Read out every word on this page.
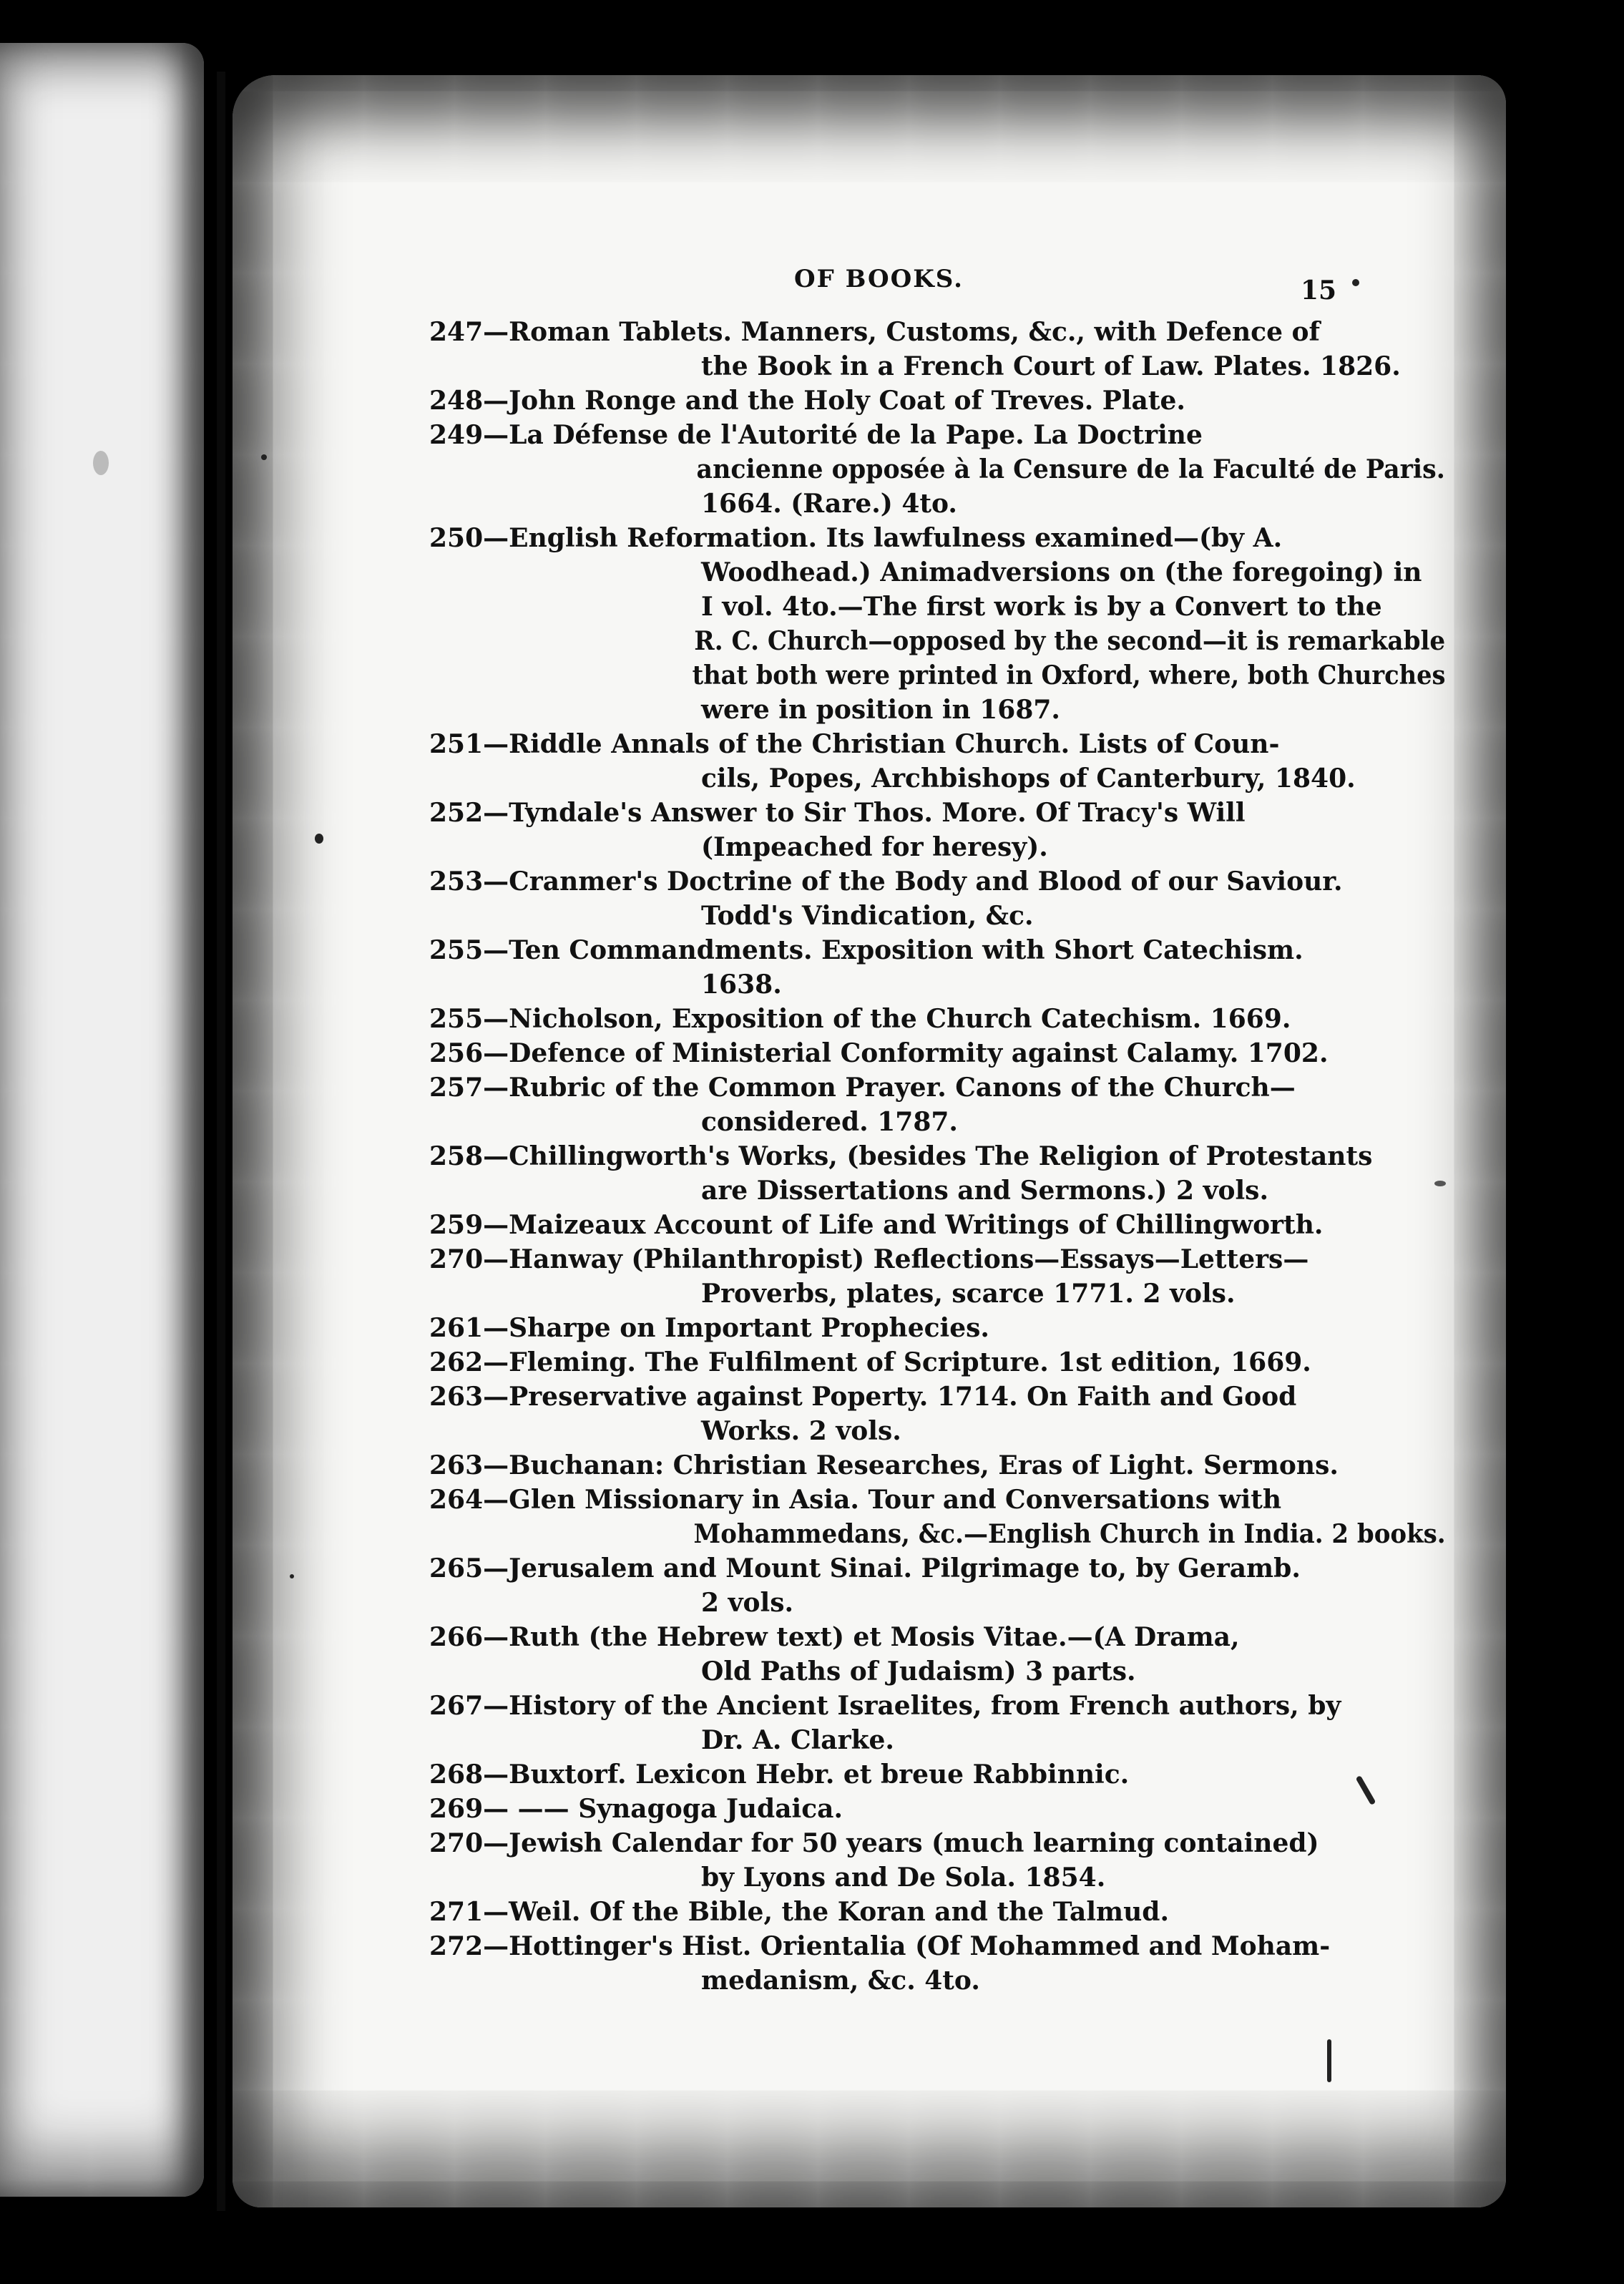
OF BOOKS.	15
247—Roman Tablets. Manners, Customs, &c., with Defence of
the Book in a French Court of Law. Plates. 1826.
248—John Ronge and the Holy Coat of Treves. Plate.
249—La Défense de l'Autorité de la Pape. La Doctrine
ancienne opposée à la Censure de la Faculté de Paris.
1664. (Rare.) 4to.
250—English Reformation. Its lawfulness examined—(by A.
Woodhead.) Animadversions on (the foregoing) in
I vol. 4to.—The first work is by a Convert to the
R. C. Church—opposed by the second—it is remarkable
that both were printed in Oxford, where, both Churches
were in position in 1687.
251—Riddle Annals of the Christian Church. Lists of Coun-
cils, Popes, Archbishops of Canterbury, 1840.
252—Tyndale's Answer to Sir Thos. More. Of Tracy's Will
(Impeached for heresy).
253—Cranmer's Doctrine of the Body and Blood of our Saviour.
Todd's Vindication, &c.
255—Ten Commandments. Exposition with Short Catechism.
1638.
255—Nicholson, Exposition of the Church Catechism. 1669.
256—Defence of Ministerial Conformity against Calamy. 1702.
257—Rubric of the Common Prayer. Canons of the Church—
considered. 1787.
258—Chillingworth's Works, (besides The Religion of Protestants
are Dissertations and Sermons.) 2 vols.
259—Maizeaux Account of Life and Writings of Chillingworth.
270—Hanway (Philanthropist) Reflections—Essays—Letters—
Proverbs, plates, scarce 1771. 2 vols.
261—Sharpe on Important Prophecies.
262—Fleming. The Fulfilment of Scripture. 1st edition, 1669.
263—Preservative against Poperty. 1714. On Faith and Good
Works. 2 vols.
263—Buchanan: Christian Researches, Eras of Light. Sermons.
264—Glen Missionary in Asia. Tour and Conversations with
Mohammedans, &c.—English Church in India. 2 books.
265—Jerusalem and Mount Sinai. Pilgrimage to, by Geramb.
2 vols.
266—Ruth (the Hebrew text) et Mosis Vitae.—(A Drama,
Old Paths of Judaism) 3 parts.
267—History of the Ancient Israelites, from French authors, by
Dr. A. Clarke.
268—Buxtorf. Lexicon Hebr. et breue Rabbinnic.
269— —— Synagoga Judaica.
270—Jewish Calendar for 50 years (much learning contained)
by Lyons and De Sola. 1854.
271—Weil. Of the Bible, the Koran and the Talmud.
272—Hottinger's Hist. Orientalia (Of Mohammed and Moham-
medanism, &c. 4to.
